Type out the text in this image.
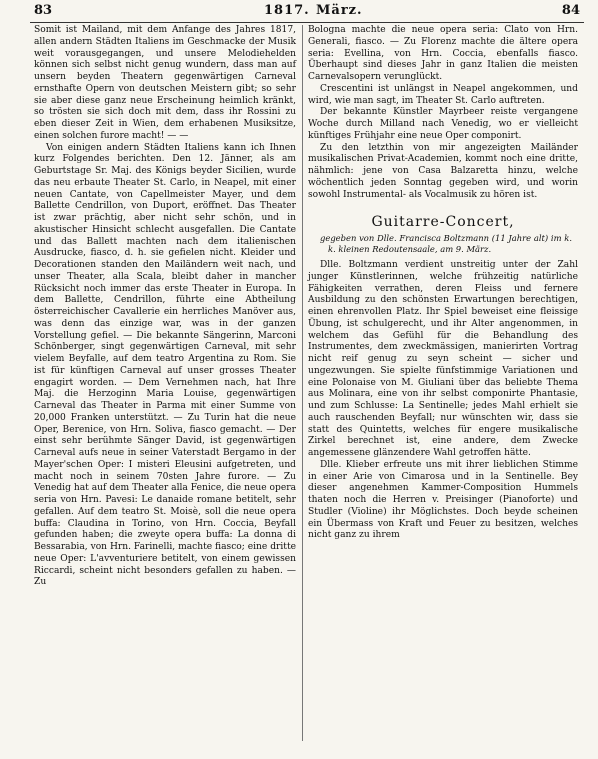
83	1817. März.	84

Somit ist Mailand, mit dem Anfange des Jahres 1817, allen andern Städten Italiens im Geschmacke der Musik weit vorausgegangen, und unsere Melodiehelden können sich selbst nicht genug wundern, dass man auf unsern beyden Theatern gegenwärtigen Carneval ernsthafte Opern von deutschen Meistern gibt; so sehr sie aber diese ganz neue Erscheinung heimlich kränkt, so trösten sie sich doch mit dem, dass ihr Rossini zu eben dieser Zeit in Wien, dem erhabenen Musiksitze, einen solchen furore macht! — —

Von einigen andern Städten Italiens kann ich Ihnen kurz Folgendes berichten. Den 12. Jänner, als am Geburtstage Sr. Maj. des Königs beyder Sicilien, wurde das neu erbaute Theater St. Carlo, in Neapel, mit einer neuen Cantate, von Capellmeister Mayer, und dem Ballette Cendrillon, von Duport, eröffnet. Das Theater ist zwar prächtig, aber nicht sehr schön, und in akustischer Hinsicht schlecht ausgefallen. Die Cantate und das Ballett machten nach dem italienischen Ausdrucke, fiasco, d. h. sie gefielen nicht. Kleider und Decorationen standen den Mailändern weit nach, und unser Theater, alla Scala, bleibt daher in mancher Rücksicht noch immer das erste Theater in Europa. In dem Ballette, Cendrillon, führte eine Abtheilung österreichischer Cavallerie ein herrliches Manöver aus, was denn das einzige war, was in der ganzen Vorstellung gefiel. — Die bekannte Sängerinn, Marconi Schönberger, singt gegenwärtigen Carneval, mit sehr vielem Beyfalle, auf dem teatro Argentina zu Rom. Sie ist für künftigen Carneval auf unser grosses Theater engagirt worden. — Dem Vernehmen nach, hat Ihre Maj. die Herzoginn Maria Louise, gegenwärtigen Carneval das Theater in Parma mit einer Summe von 20,000 Franken unterstützt. — Zu Turin hat die neue Oper, Berenice, von Hrn. Soliva, fiasco gemacht. — Der einst sehr berühmte Sänger David, ist gegenwärtigen Carneval aufs neue in seiner Vaterstadt Bergamo in der Mayer'schen Oper: I misteri Eleusini aufgetreten, und macht noch in seinem 70sten Jahre furore. — Zu Venedig hat auf dem Theater alla Fenice, die neue opera seria von Hrn. Pavesi: Le danaide romane betitelt, sehr gefallen. Auf dem teatro St. Moisè, soll die neue opera buffa: Claudina in Torino, von Hrn. Coccia, Beyfall gefunden haben; die zweyte opera buffa: La donna di Bessarabia, von Hrn. Farinelli, machte fiasco; eine dritte neue Oper: L'avventuriere betitelt, von einem gewissen Riccardi, scheint nicht besonders gefallen zu haben. — Zu

Bologna machte die neue opera seria: Clato von Hrn. Generali, fiasco. — Zu Florenz machte die ältere opera seria: Evellina, von Hrn. Coccia, ebenfalls fiasco. Überhaupt sind dieses Jahr in ganz Italien die meisten Carnevalsopern verunglückt.

Crescentini ist unlängst in Neapel angekommen, und wird, wie man sagt, im Theater St. Carlo auftreten.

Der bekannte Künstler Mayrbeer reiste vergangene Woche durch Milland nach Venedig, wo er vielleicht künftiges Frühjahr eine neue Oper componirt.

Zu den letzthin von mir angezeigten Mailänder musikalischen Privat-Academien, kommt noch eine dritte, nähmlich: jene von Casa Balzaretta hinzu, welche wöchentlich jeden Sonntag gegeben wird, und worin sowohl Instrumental- als Vocalmusik zu hören ist.

Guitarre-Concert,
gegeben von Dlle. Francisca Boltzmann (11 Jahre alt) im k. k. kleinen Redoutensaale, am 9. März.

Dlle. Boltzmann verdient unstreitig unter der Zahl junger Künstlerinnen, welche frühzeitig natürliche Fähigkeiten verrathen, deren Fleiss und fernere Ausbildung zu den schönsten Erwartungen berechtigen, einen ehrenvollen Platz. Ihr Spiel beweiset eine fleissige Übung, ist schulgerecht, und ihr Alter angenommen, in welchem das Gefühl für die Behandlung des Instrumentes, dem zweckmässigen, manierirten Vortrag nicht reif genug zu seyn scheint — sicher und ungezwungen. Sie spielte fünfstimmige Variationen und eine Polonaise von M. Giuliani über das beliebte Thema aus Molinara, eine von ihr selbst componirte Phantasie, und zum Schlusse: La Sentinelle; jedes Mahl erhielt sie auch rauschenden Beyfall; nur wünschten wir, dass sie statt des Quintetts, welches für engere musikalische Zirkel berechnet ist, eine andere, dem Zwecke angemessene glänzendere Wahl getroffen hätte.

Dlle. Klieber erfreute uns mit ihrer lieblichen Stimme in einer Arie von Cimarosa und in la Sentinelle. Bey dieser angenehmen Kammer-Composition Hummels thaten noch die Herren v. Preisinger (Pianoforte) und Studler (Violine) ihr Möglichstes. Doch beyde scheinen ein Übermass von Kraft und Feuer zu besitzen, welches nicht ganz zu ihrem
